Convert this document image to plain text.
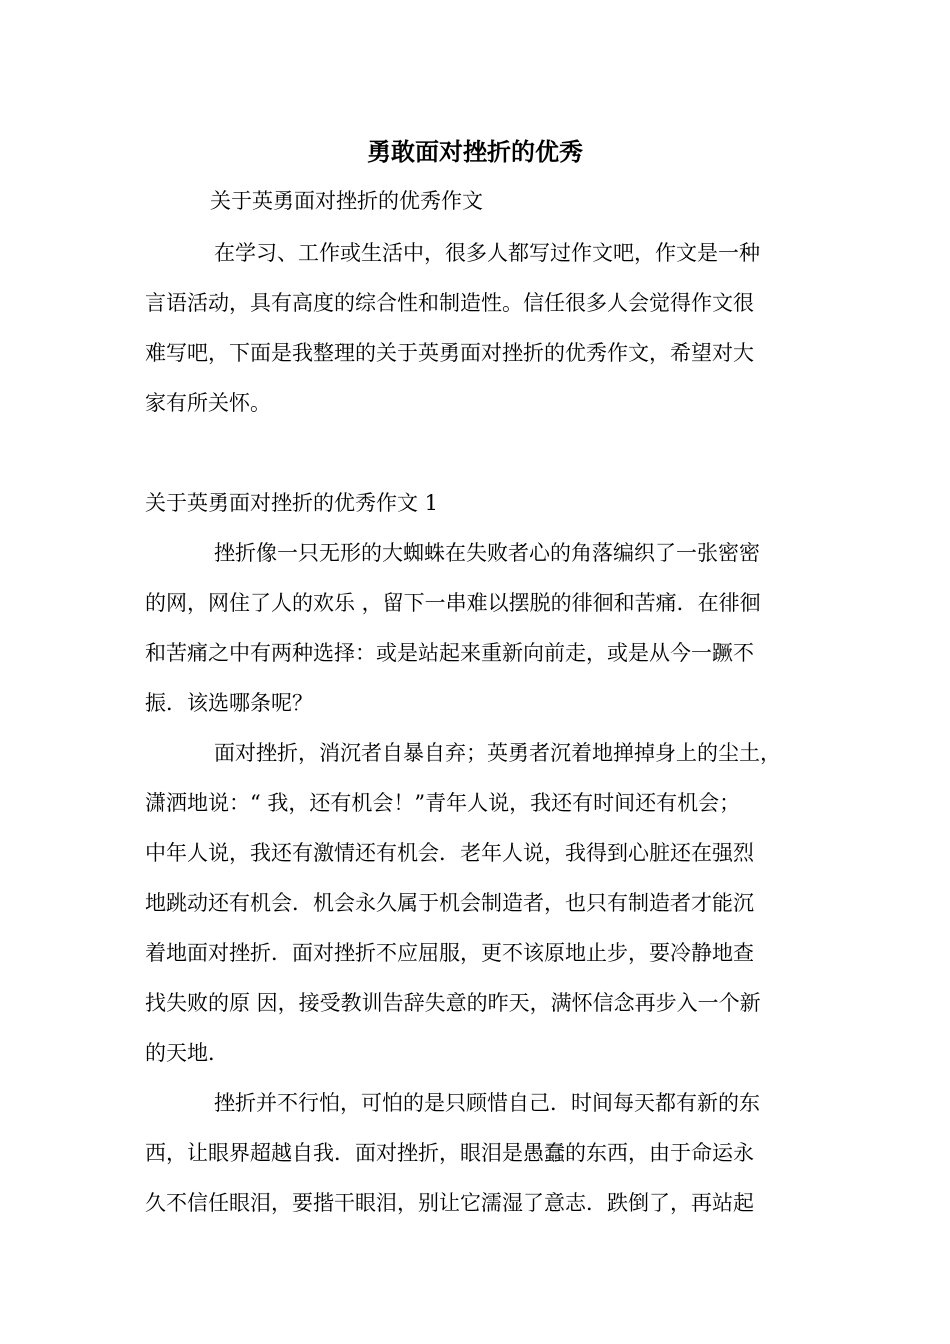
勇敢面对挫折的优秀
关于英勇面对挫折的优秀作文
在学习、工作或生活中，很多人都写过作文吧，作文是一种
言语活动，具有高度的综合性和制造性。信任很多人会觉得作文很
难写吧，下面是我整理的关于英勇面对挫折的优秀作文，希望对大
家有所关怀。
关于英勇面对挫折的优秀作文 1
挫折像一只无形的大蜘蛛在失败者心的角落编织了一张密密
的网，网住了人的欢乐 ，留下一串难以摆脱的徘徊和苦痛．在徘徊
和苦痛之中有两种选择：或是站起来重新向前走，或是从今一蹶不
振．该选哪条呢？
面对挫折，消沉者自暴自弃；英勇者沉着地掸掉身上的尘土，
潇洒地说：“ 我，还有机会！”青年人说，我还有时间还有机会；
中年人说，我还有激情还有机会．老年人说，我得到心脏还在强烈
地跳动还有机会．机会永久属于机会制造者，也只有制造者才能沉
着地面对挫折．面对挫折不应屈服，更不该原地止步，要冷静地查
找失败的原 因，接受教训告辞失意的昨天，满怀信念再步入一个新
的天地．
挫折并不行怕，可怕的是只顾惜自己．时间每天都有新的东
西，让眼界超越自我．面对挫折，眼泪是愚蠢的东西，由于命运永
久不信任眼泪，要揩干眼泪，别让它濡湿了意志．跌倒了，再站起
